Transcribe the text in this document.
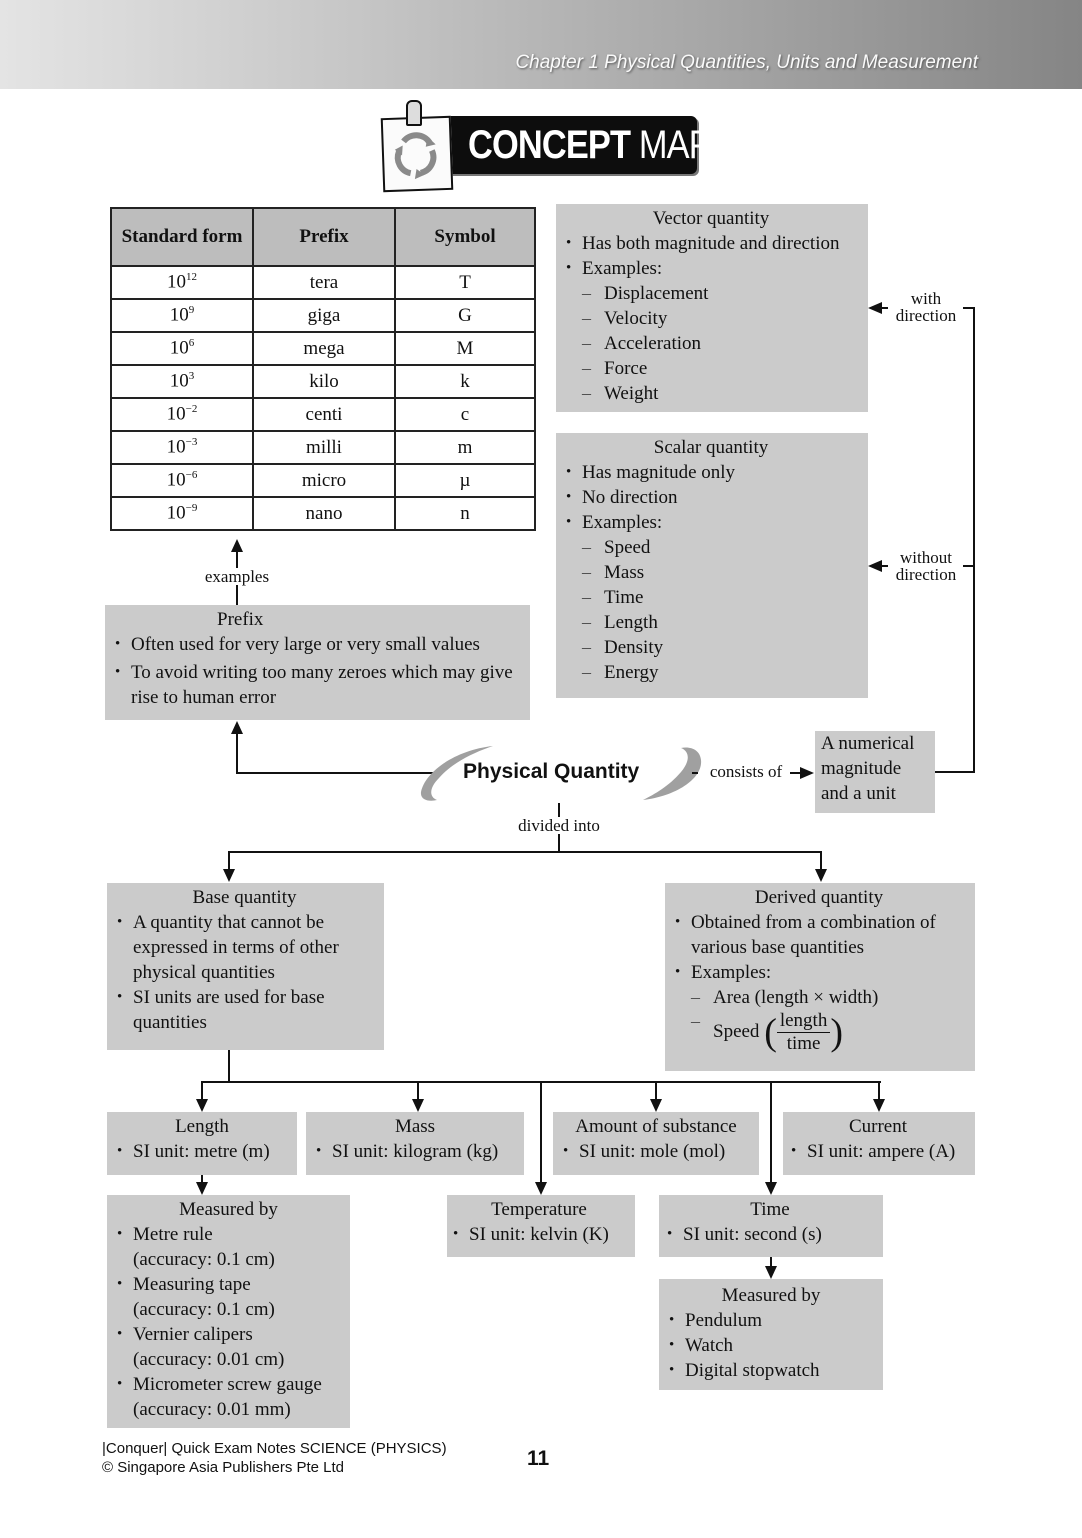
Chapter 1 Physical Quantities, Units and Measurement
CONCEPT MAP
Standard form	Prefix	Symbol
$10^{12}$	tera	T
$10^9$	giga	G
$10^6$	mega	M
$10^3$	kilo	k
$10^{-2}$	centi	c
$10^{-3}$	milli	m
$10^{-6}$	micro	µ
$10^{-9}$	nano	n
Vector quantity
• Has both magnitude and direction
• Examples:
– Displacement
– Velocity
– Acceleration
– Force
– Weight
Scalar quantity
• Has magnitude only
• No direction
• Examples:
– Speed
– Mass
– Time
– Length
– Density
– Energy
with
direction
without
direction
examples
Prefix
• Often used for very large or very small values
• To avoid writing too many zeroes which may give rise to human error
Physical Quantity	consists of
A numerical
magnitude
and a unit
divided into
Base quantity
• A quantity that cannot be expressed in terms of other physical quantities
• SI units are used for base quantities
Derived quantity
• Obtained from a combination of various base quantities
• Examples:
– Area (length × width)
– Speed ( $\frac{\text{length}}{\text{time}}$ )
Length
• SI unit: metre (m)
Mass
• SI unit: kilogram (kg)
Amount of substance
• SI unit: mole (mol)
Current
• SI unit: ampere (A)
Measured by
• Metre rule
(accuracy: 0.1 cm)
• Measuring tape
(accuracy: 0.1 cm)
• Vernier calipers
(accuracy: 0.01 cm)
• Micrometer screw gauge
(accuracy: 0.01 mm)
Temperature
• SI unit: kelvin (K)
Time
• SI unit: second (s)
Measured by
• Pendulum
• Watch
• Digital stopwatch
|Conquer| Quick Exam Notes SCIENCE (PHYSICS)
© Singapore Asia Publishers Pte Ltd	11
